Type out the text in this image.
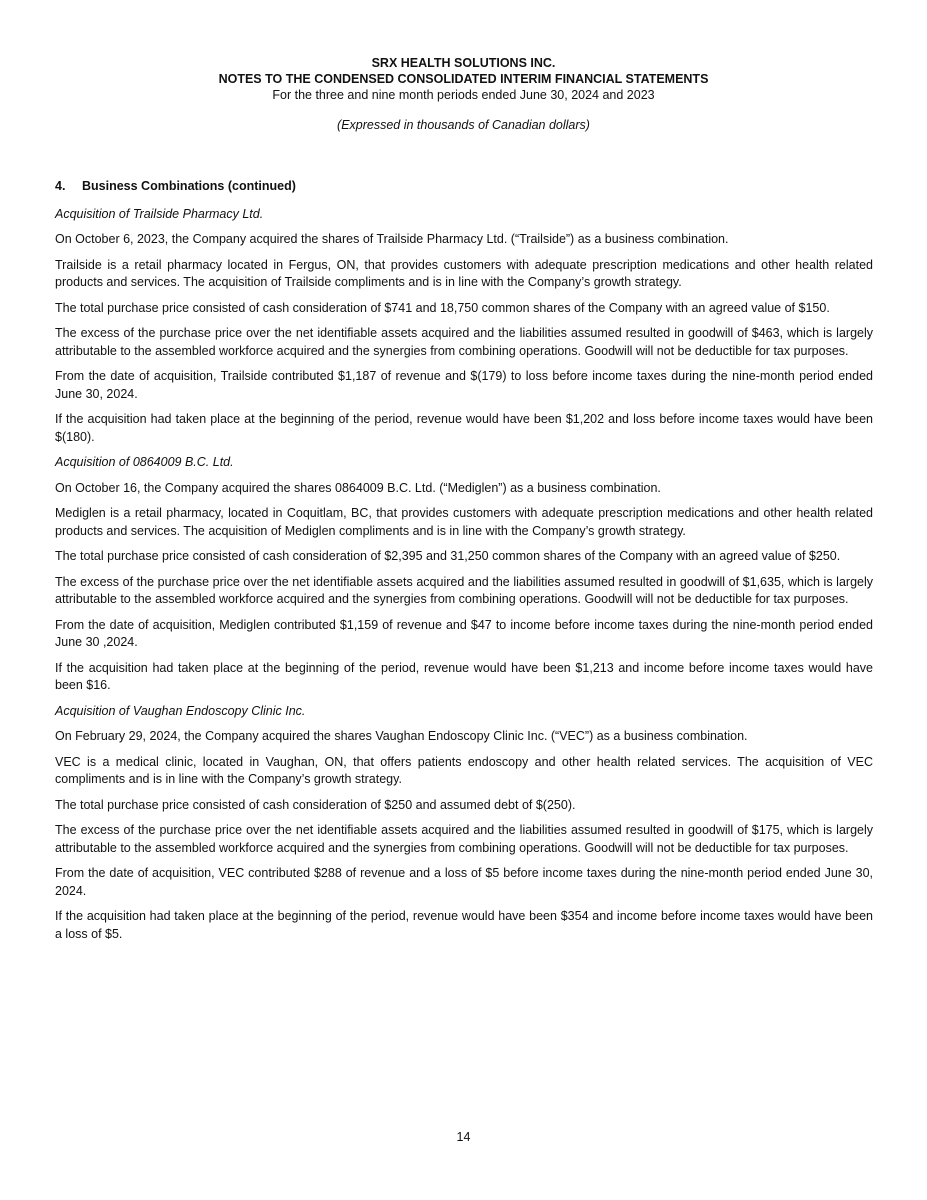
SRX HEALTH SOLUTIONS INC.
NOTES TO THE CONDENSED CONSOLIDATED INTERIM FINANCIAL STATEMENTS
For the three and nine month periods ended June 30, 2024 and 2023
(Expressed in thousands of Canadian dollars)
4.	Business Combinations (continued)

Acquisition of Trailside Pharmacy Ltd.

On October 6, 2023, the Company acquired the shares of Trailside Pharmacy Ltd. (“Trailside”) as a business combination.

Trailside is a retail pharmacy located in Fergus, ON, that provides customers with adequate prescription medications and other health related products and services. The acquisition of Trailside compliments and is in line with the Company’s growth strategy.

The total purchase price consisted of cash consideration of $741 and 18,750 common shares of the Company with an agreed value of $150.

The excess of the purchase price over the net identifiable assets acquired and the liabilities assumed resulted in goodwill of $463, which is largely attributable to the assembled workforce acquired and the synergies from combining operations. Goodwill will not be deductible for tax purposes.

From the date of acquisition, Trailside contributed $1,187 of revenue and $(179) to loss before income taxes during the nine-month period ended June 30, 2024.

If the acquisition had taken place at the beginning of the period, revenue would have been $1,202 and loss before income taxes would have been $(180).

Acquisition of 0864009 B.C. Ltd.

On October 16, the Company acquired the shares 0864009 B.C. Ltd. (“Mediglen”) as a business combination.

Mediglen is a retail pharmacy, located in Coquitlam, BC, that provides customers with adequate prescription medications and other health related products and services. The acquisition of Mediglen compliments and is in line with the Company’s growth strategy.

The total purchase price consisted of cash consideration of $2,395 and 31,250 common shares of the Company with an agreed value of $250.

The excess of the purchase price over the net identifiable assets acquired and the liabilities assumed resulted in goodwill of $1,635, which is largely attributable to the assembled workforce acquired and the synergies from combining operations. Goodwill will not be deductible for tax purposes.

From the date of acquisition, Mediglen contributed $1,159 of revenue and $47 to income before income taxes during the nine-month period ended June 30 ,2024.

If the acquisition had taken place at the beginning of the period, revenue would have been $1,213 and income before income taxes would have been $16.

Acquisition of Vaughan Endoscopy Clinic Inc.

On February 29, 2024, the Company acquired the shares Vaughan Endoscopy Clinic Inc. (“VEC”) as a business combination.

VEC is a medical clinic, located in Vaughan, ON, that offers patients endoscopy and other health related services. The acquisition of VEC compliments and is in line with the Company’s growth strategy.

The total purchase price consisted of cash consideration of $250 and assumed debt of $(250).

The excess of the purchase price over the net identifiable assets acquired and the liabilities assumed resulted in goodwill of $175, which is largely attributable to the assembled workforce acquired and the synergies from combining operations. Goodwill will not be deductible for tax purposes.

From the date of acquisition, VEC contributed $288 of revenue and a loss of $5 before income taxes during the nine-month period ended June 30, 2024.

If the acquisition had taken place at the beginning of the period, revenue would have been $354 and income before income taxes would have been a loss of $5.

14
